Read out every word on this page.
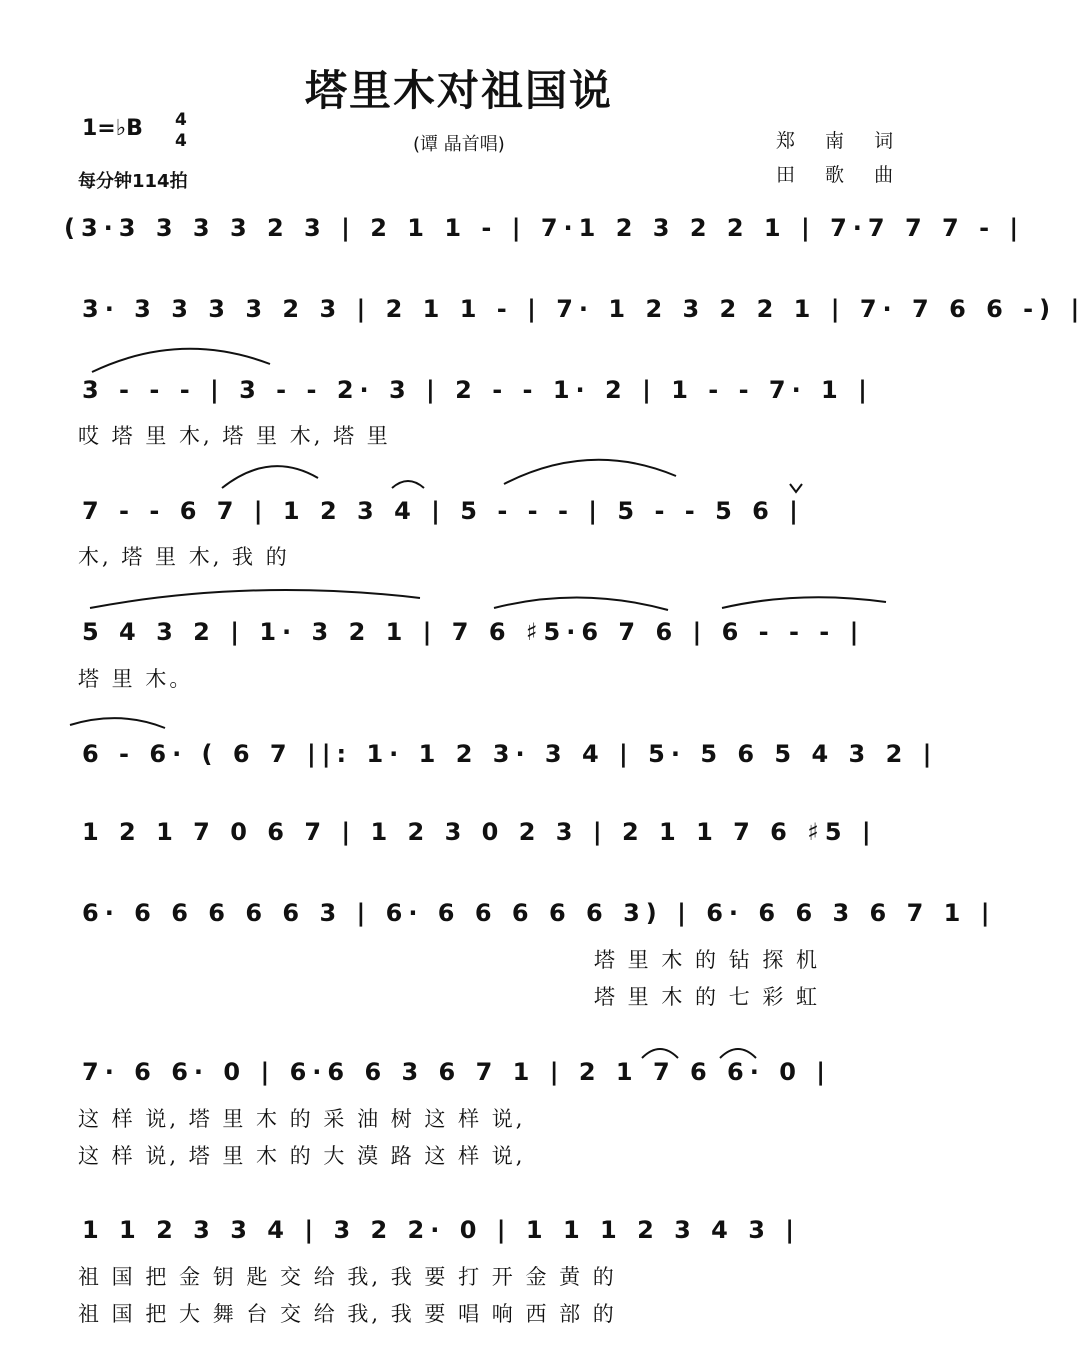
塔里木对祖国说
1=♭B 4
4
每分钟114拍
(谭 晶首唱)	郑 南 词
田 歌 曲
(3·3 3 3 3 2 3 | 2 1 1 - | 7·1 2 3 2 2 1 | 7·7 7 7 - |
3· 3 3 3 3 2 3 | 2 1 1 - | 7· 1 2 3 2 2 1 | 7· 7 6 6 -) |
3 - - - | 3 - - 2· 3 | 2 - - 1· 2 | 1 - - 7· 1 |
哎 塔 里 木, 塔 里 木, 塔 里
7 - - 6 7 | 1 2 3 4 | 5 - - - | 5 - - 5 6 |
木, 塔 里 木, 我 的
5 4 3 2 | 1· 3 2 1 | 7 6 ♯5·6 7 6 | 6 - - - |
塔 里 木。
6 - 6· ( 6 7 ||: 1· 1 2 3· 3 4 | 5· 5 6 5 4 3 2 |
1 2 1 7 0 6 7 | 1 2 3 0 2 3 | 2 1 1 7 6 ♯5 |
6· 6 6 6 6 6 3 | 6· 6 6 6 6 6 3) | 6· 6 6 3 6 7 1 |
塔 里 木 的 钻 探 机
塔 里 木 的 七 彩 虹
7· 6 6· 0 | 6·6 6 3 6 7 1 | 2 1 7 6 6· 0 |
这 样 说, 塔 里 木 的 采 油 树 这 样 说,
这 样 说, 塔 里 木 的 大 漠 路 这 样 说,
1 1 2 3 3 4 | 3 2 2· 0 | 1 1 1 2 3 4 3 |
祖 国 把 金 钥 匙 交 给 我, 我 要 打 开 金 黄 的
祖 国 把 大 舞 台 交 给 我, 我 要 唱 响 西 部 的
